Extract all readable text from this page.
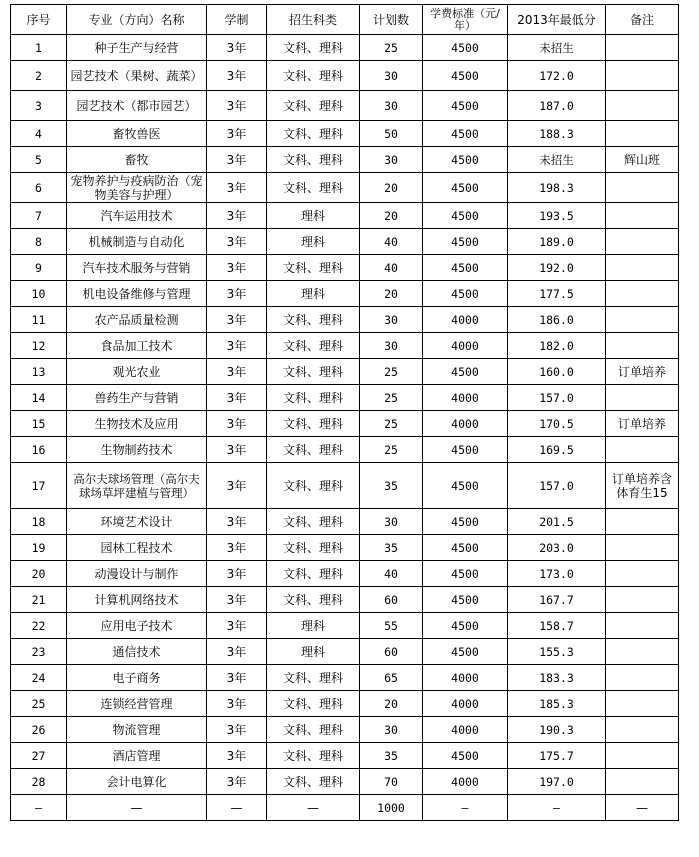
序号	专业（方向）名称	学制	招生科类	计划数	学费标准（元/年）	2013年最低分	备注
1	种子生产与经营	3年	文科、理科	25	4500	未招生	
2	园艺技术（果树、蔬菜）	3年	文科、理科	30	4500	172.0	
3	园艺技术（都市园艺）	3年	文科、理科	30	4500	187.0	
4	畜牧兽医	3年	文科、理科	50	4500	188.3	
5	畜牧	3年	文科、理科	30	4500	未招生	辉山班
6	宠物养护与疫病防治（宠物美容与护理）	3年	文科、理科	20	4500	198.3	
7	汽车运用技术	3年	理科	20	4500	193.5	
8	机械制造与自动化	3年	理科	40	4500	189.0	
9	汽车技术服务与营销	3年	文科、理科	40	4500	192.0	
10	机电设备维修与管理	3年	理科	20	4500	177.5	
11	农产品质量检测	3年	文科、理科	30	4000	186.0	
12	食品加工技术	3年	文科、理科	30	4000	182.0	
13	观光农业	3年	文科、理科	25	4500	160.0	订单培养
14	兽药生产与营销	3年	文科、理科	25	4000	157.0	
15	生物技术及应用	3年	文科、理科	25	4000	170.5	订单培养
16	生物制药技术	3年	文科、理科	25	4500	169.5	
17	高尔夫球场管理（高尔夫球场草坪建植与管理）	3年	文科、理科	35	4500	157.0	订单培养含体育生15
18	环境艺术设计	3年	文科、理科	30	4500	201.5	
19	园林工程技术	3年	文科、理科	35	4500	203.0	
20	动漫设计与制作	3年	文科、理科	40	4500	173.0	
21	计算机网络技术	3年	文科、理科	60	4500	167.7	
22	应用电子技术	3年	理科	55	4500	158.7	
23	通信技术	3年	理科	60	4500	155.3	
24	电子商务	3年	文科、理科	65	4000	183.3	
25	连锁经营管理	3年	文科、理科	20	4000	185.3	
26	物流管理	3年	文科、理科	30	4000	190.3	
27	酒店管理	3年	文科、理科	35	4500	175.7	
28	会计电算化	3年	文科、理科	70	4000	197.0	
—	—	—	—	1000	—	—	—
